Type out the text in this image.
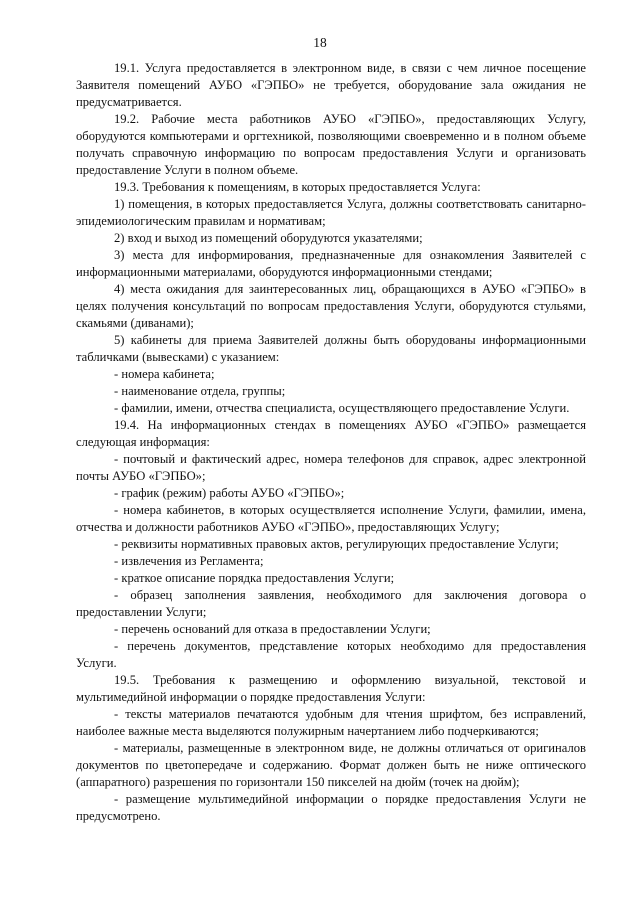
18

19.1. Услуга предоставляется в электронном виде, в связи с чем личное посещение Заявителя помещений АУБО «ГЭПБО» не требуется, оборудование зала ожидания не предусматривается.

19.2. Рабочие места работников АУБО «ГЭПБО», предоставляющих Услугу, оборудуются компьютерами и оргтехникой, позволяющими своевременно и в полном объеме получать справочную информацию по вопросам предоставления Услуги и организовать предоставление Услуги в полном объеме.

19.3. Требования к помещениям, в которых предоставляется Услуга:

1) помещения, в которых предоставляется Услуга, должны соответствовать санитарно-эпидемиологическим правилам и нормативам;

2) вход и выход из помещений оборудуются указателями;

3) места для информирования, предназначенные для ознакомления Заявителей с информационными материалами, оборудуются информационными стендами;

4) места ожидания для заинтересованных лиц, обращающихся в АУБО «ГЭПБО» в целях получения консультаций по вопросам предоставления Услуги, оборудуются стульями, скамьями (диванами);

5) кабинеты для приема Заявителей должны быть оборудованы информационными табличками (вывесками) с указанием:

- номера кабинета;

- наименование отдела, группы;

- фамилии, имени, отчества специалиста, осуществляющего предоставление Услуги.

19.4. На информационных стендах в помещениях АУБО «ГЭПБО» размещается следующая информация:

- почтовый и фактический адрес, номера телефонов для справок, адрес электронной почты АУБО «ГЭПБО»;

- график (режим) работы АУБО «ГЭПБО»;

- номера кабинетов, в которых осуществляется исполнение Услуги, фамилии, имена, отчества и должности работников АУБО «ГЭПБО», предоставляющих Услугу;

- реквизиты нормативных правовых актов, регулирующих предоставление Услуги;

- извлечения из Регламента;

- краткое описание порядка предоставления Услуги;

- образец заполнения заявления, необходимого для заключения договора о предоставлении Услуги;

- перечень оснований для отказа в предоставлении Услуги;

- перечень документов, представление которых необходимо для предоставления Услуги.

19.5. Требования к размещению и оформлению визуальной, текстовой и мультимедийной информации о порядке предоставления Услуги:

- тексты материалов печатаются удобным для чтения шрифтом, без исправлений, наиболее важные места выделяются полужирным начертанием либо подчеркиваются;

- материалы, размещенные в электронном виде, не должны отличаться от оригиналов документов по цветопередаче и содержанию. Формат должен быть не ниже оптического (аппаратного) разрешения по горизонтали 150 пикселей на дюйм (точек на дюйм);

- размещение мультимедийной информации о порядке предоставления Услуги не предусмотрено.
